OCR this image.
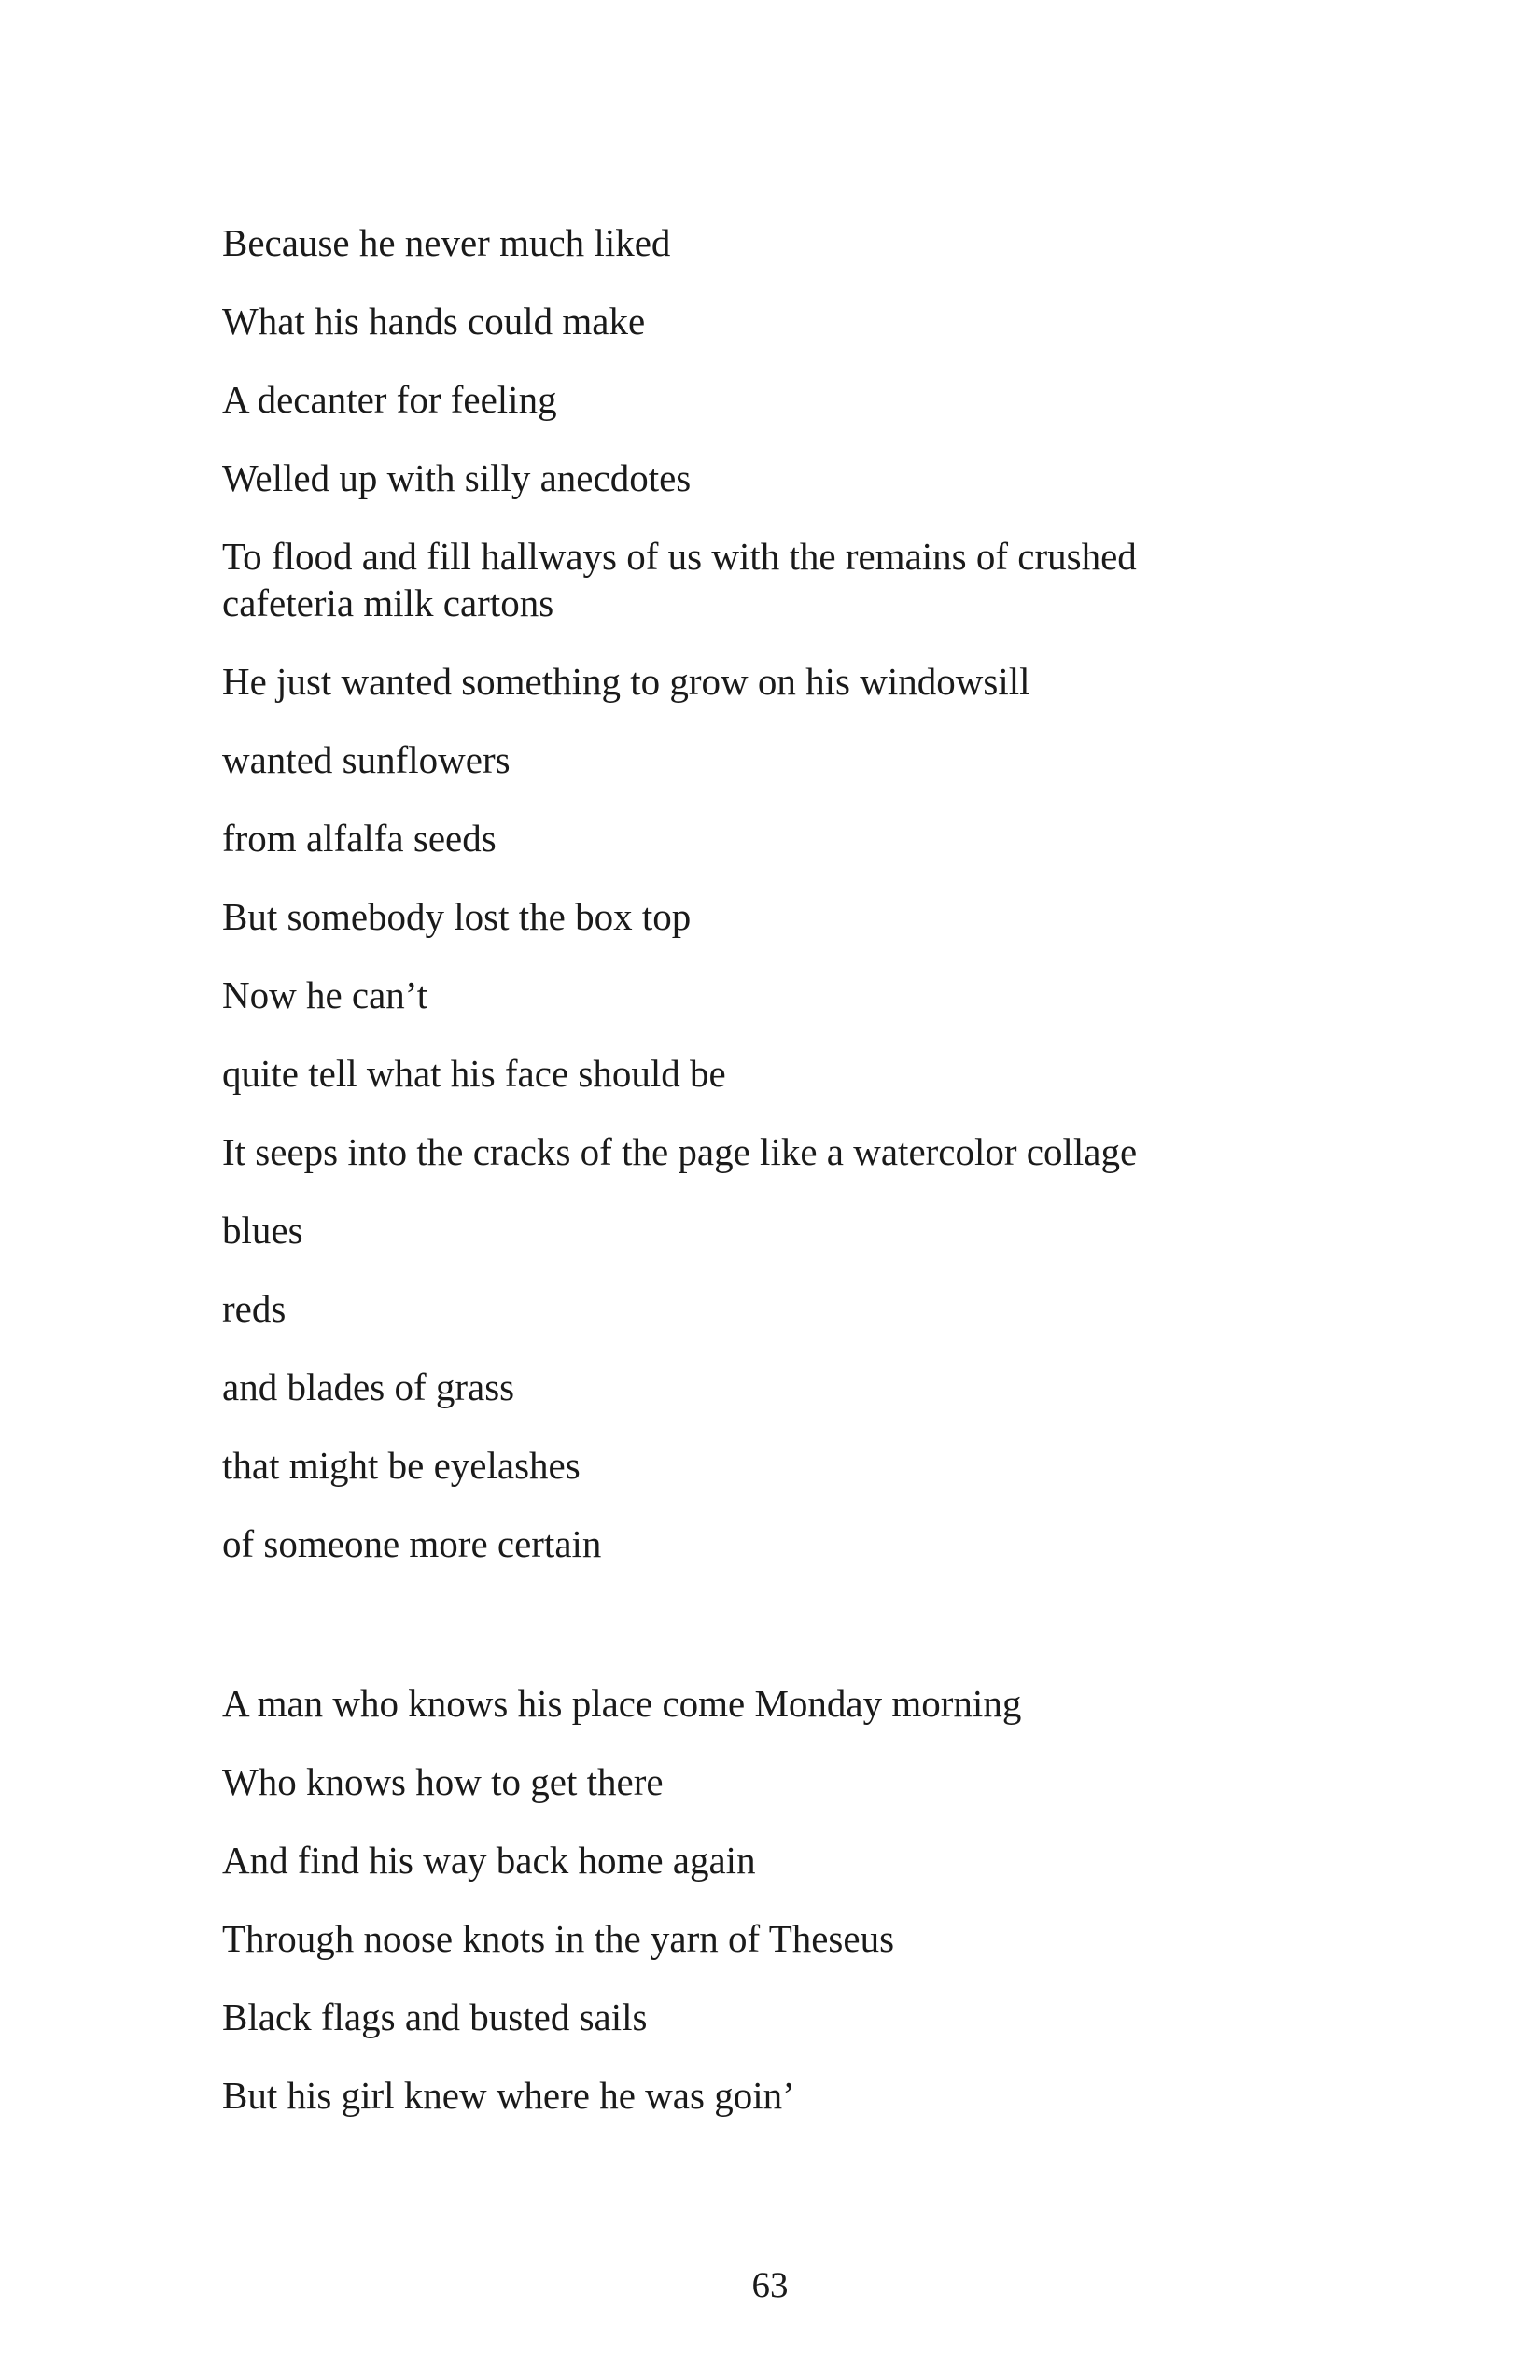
Because he never much liked
What his hands could make
A decanter for feeling
Welled up with silly anecdotes
To flood and fill hallways of us with the remains of crushed cafeteria milk cartons
He just wanted something to grow on his windowsill
wanted sunflowers
from alfalfa seeds
But somebody lost the box top
Now he can’t
quite tell what his face should be
It seeps into the cracks of the page like a watercolor collage
blues
reds
and blades of grass
that might be eyelashes
of someone more certain
A man who knows his place come Monday morning
Who knows how to get there
And find his way back home again
Through noose knots in the yarn of Theseus
Black flags and busted sails
But his girl knew where he was goin’
63
